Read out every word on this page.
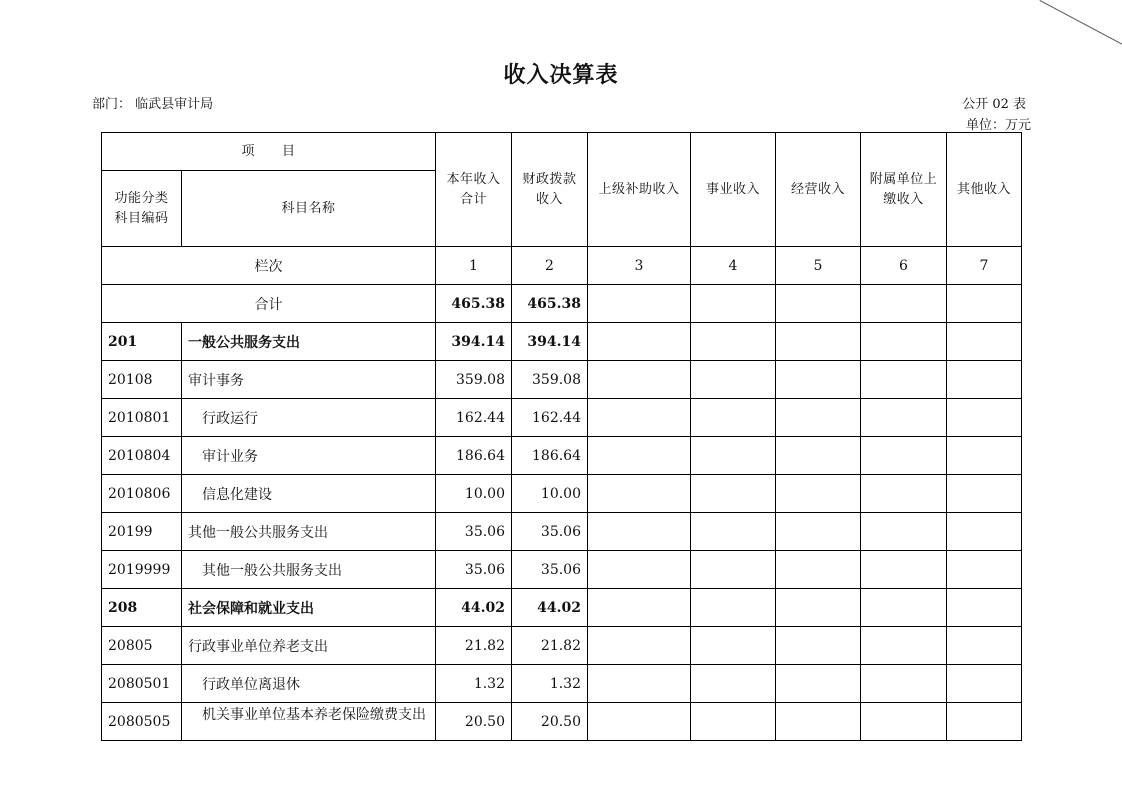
收入决算表
部门： 临武县审计局	公开 02 表
单位：万元
项　　目		本年收入合计	财政拨款收入	上级补助收入	事业收入	经营收入	附属单位上缴收入	其他收入
功能分类科目编码	科目名称							
栏次		1	2	3	4	5	6	7
合计		465.38	465.38					
201	一般公共服务支出	394.14	394.14					
20108	审计事务	359.08	359.08					
2010801	行政运行	162.44	162.44					
2010804	审计业务	186.64	186.64					
2010806	信息化建设	10.00	10.00					
20199	其他一般公共服务支出	35.06	35.06					
2019999	其他一般公共服务支出	35.06	35.06					
208	社会保障和就业支出	44.02	44.02					
20805	行政事业单位养老支出	21.82	21.82					
2080501	行政单位离退休	1.32	1.32					
2080505	机关事业单位基本养老保险缴费支出	20.50	20.50					
